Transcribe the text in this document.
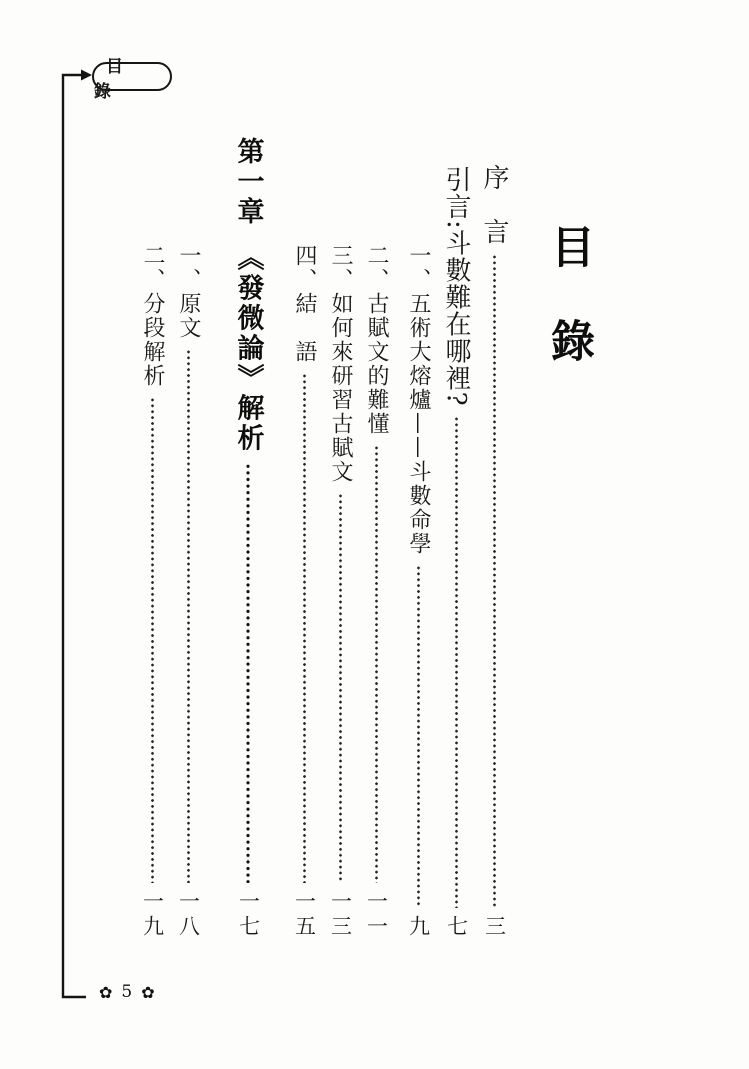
目 錄
目錄
序　言
三
引言:斗數難在哪裡?
七
一、五術大熔爐——斗數命學
九
二、古賦文的難懂
一一
三、如何來研習古賦文
一三
四、結　語
一五
第一章　《發微論》解析
一七
一、原文
一八
二、分段解析
一九
✿ 5 ✿
